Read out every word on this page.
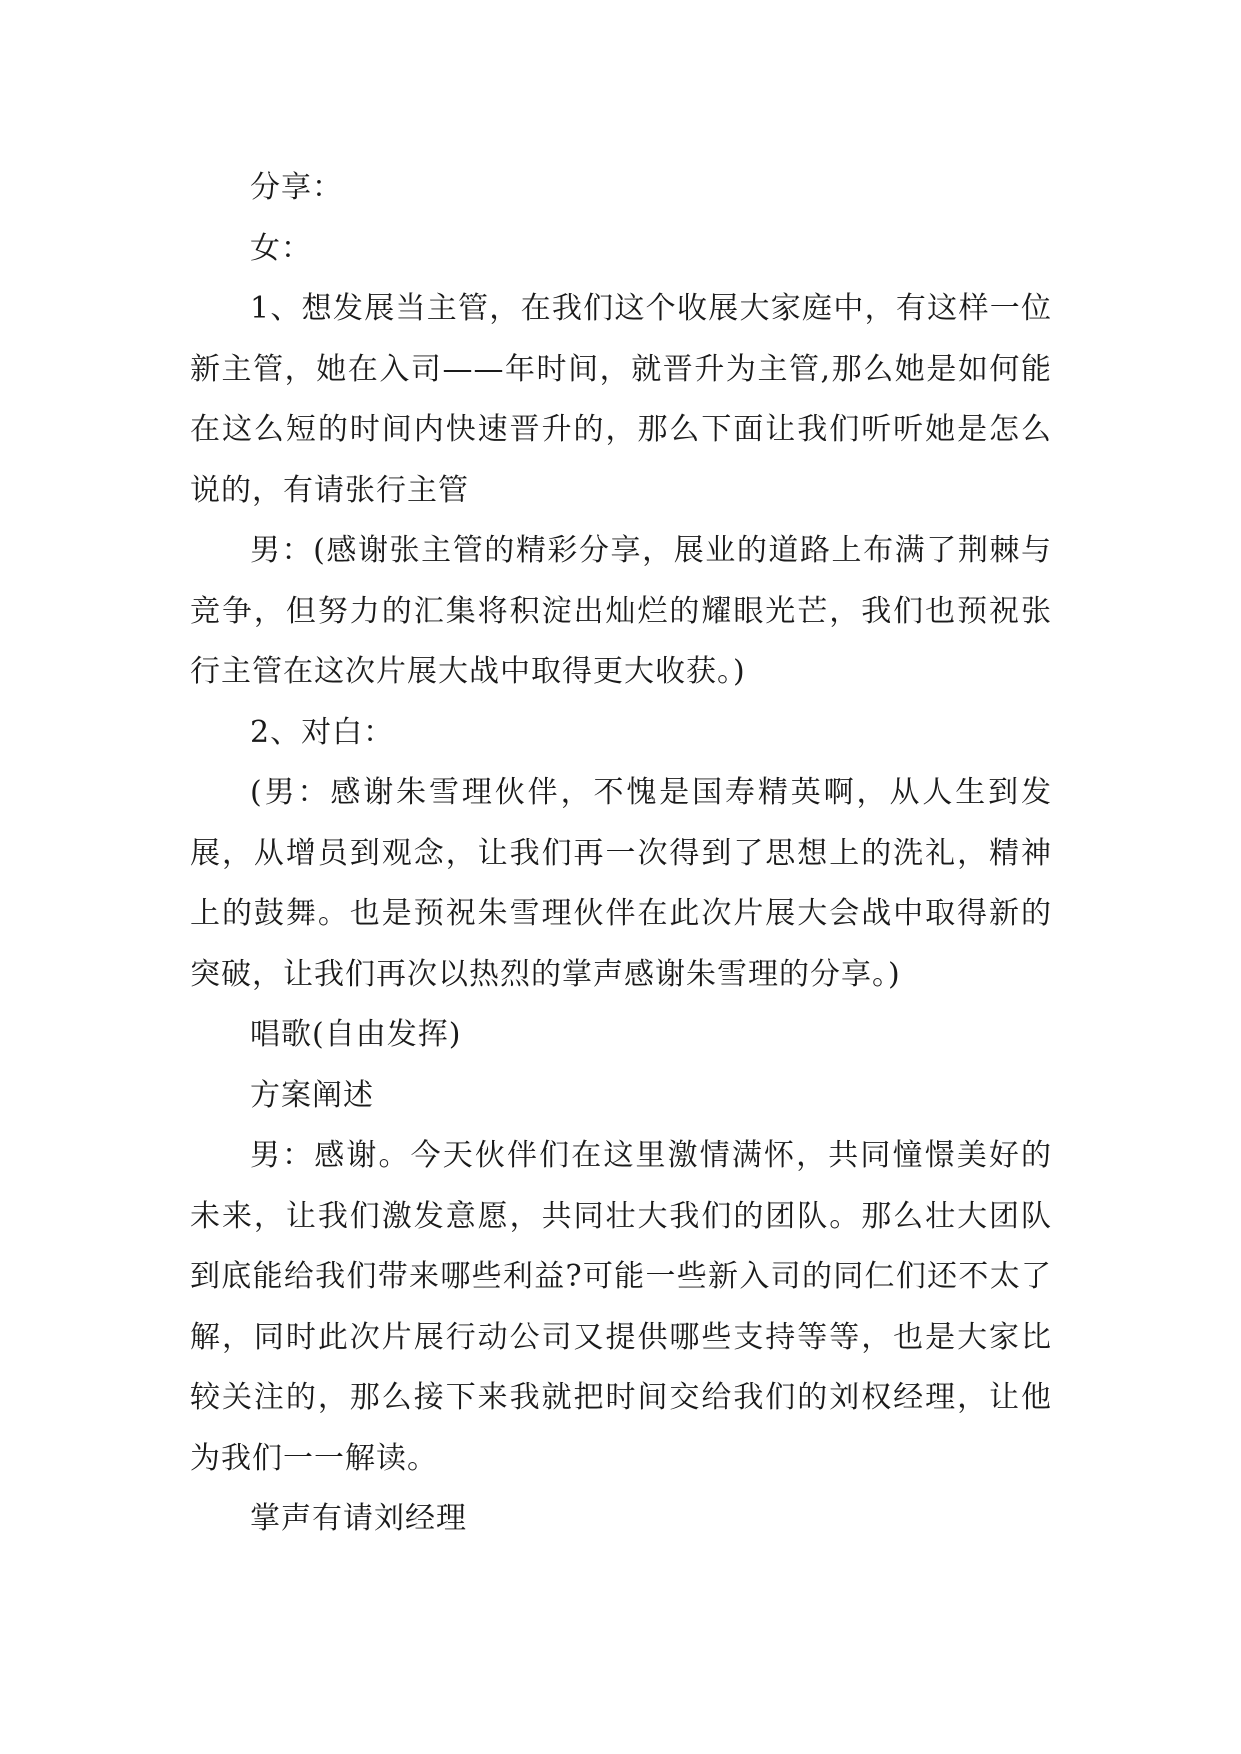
分享：

女：

1、想发展当主管，在我们这个收展大家庭中，有这样一位新主管，她在入司——年时间，就晋升为主管,那么她是如何能在这么短的时间内快速晋升的，那么下面让我们听听她是怎么说的，有请张行主管

男：(感谢张主管的精彩分享，展业的道路上布满了荆棘与竞争，但努力的汇集将积淀出灿烂的耀眼光芒，我们也预祝张行主管在这次片展大战中取得更大收获。)

2、对白：

(男：感谢朱雪理伙伴，不愧是国寿精英啊，从人生到发展，从增员到观念，让我们再一次得到了思想上的洗礼，精神上的鼓舞。也是预祝朱雪理伙伴在此次片展大会战中取得新的突破，让我们再次以热烈的掌声感谢朱雪理的分享。)

唱歌(自由发挥)

方案阐述

男：感谢。今天伙伴们在这里激情满怀，共同憧憬美好的未来，让我们激发意愿，共同壮大我们的团队。那么壮大团队到底能给我们带来哪些利益?可能一些新入司的同仁们还不太了解，同时此次片展行动公司又提供哪些支持等等，也是大家比较关注的，那么接下来我就把时间交给我们的刘权经理，让他为我们一一解读。

掌声有请刘经理
